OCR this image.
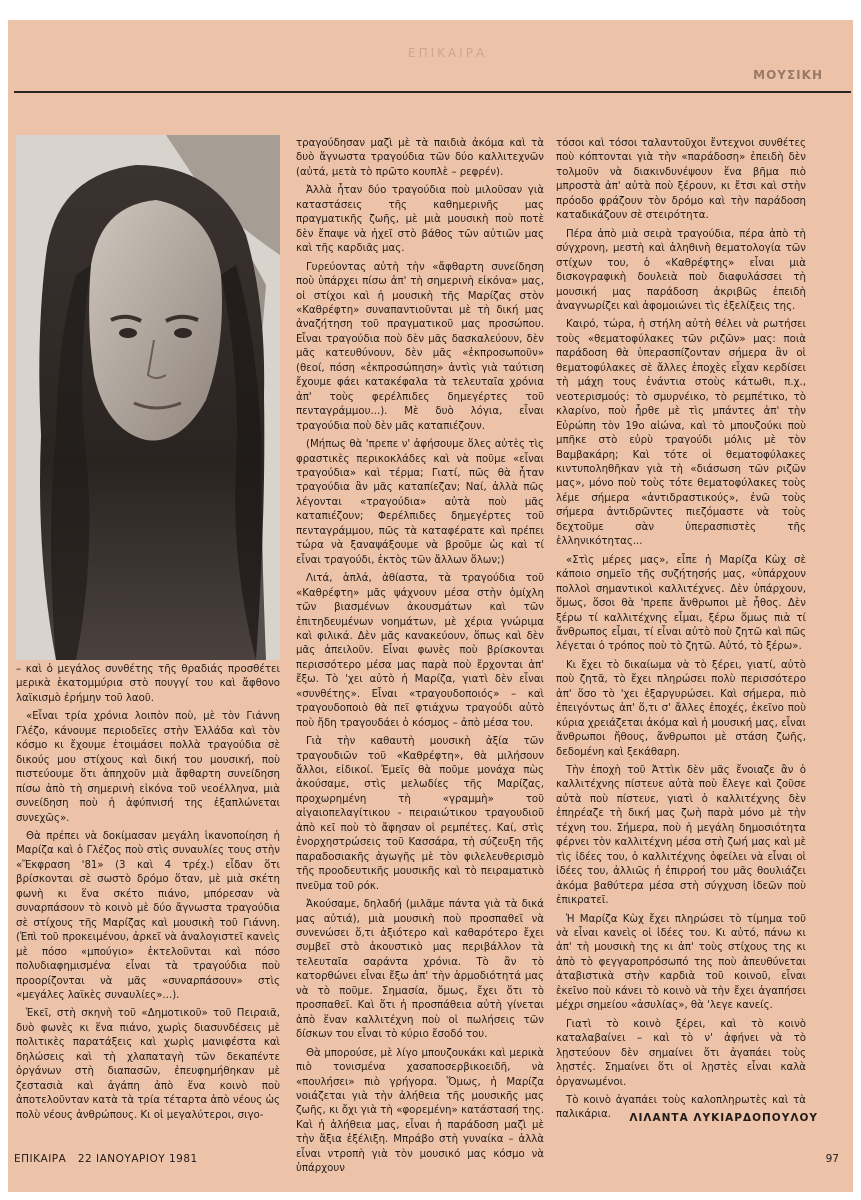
ΕΠΙΚΑΙΡΑ
ΜΟΥΣΙΚΗ

– καὶ ὁ μεγάλος συνθέτης τῆς θραδιάς προσθέτει μερικὰ ἑκατομμύρια στὸ πουγγί του καὶ ἄφθονο λαϊκισμὸ ἐρήμην τοῦ λαοῦ.

«Εἶναι τρία χρόνια λοιπὸν ποὺ, μὲ τὸν Γιάννη Γλέζο, κάνουμε περιοδεῖες στὴν Ἑλλάδα καὶ τὸν κόσμο κι ἔχουμε ἑτοιμάσει πολλὰ τραγούδια σὲ δικούς μου στίχους καὶ δική του μουσική, ποὺ πιστεύουμε ὅτι ἀπηχοῦν μιὰ ἄφθαρτη συνείδηση πίσω ἀπὸ τὴ σημερινὴ εἰκόνα τοῦ νεοέλληνα, μιὰ συνείδηση ποὺ ἡ ἀφύπνισή της ἐξαπλώνεται συνεχῶς».

Θὰ πρέπει νὰ δοκίμασαν μεγάλη ἱκανοποίηση ἡ Μαρίζα καὶ ὁ Γλέζος ποὺ στὶς συναυλίες τους στὴν «Ἔκφραση '81» (3 καὶ 4 τρέχ.) εἶδαν ὅτι βρίσκονται σὲ σωστὸ δρόμο ὅταν, μὲ μιὰ σκέτη φωνὴ κι ἕνα σκέτο πιάνο, μπόρεσαν νὰ συναρπάσουν τὸ κοινὸ μὲ δύο ἄγνωστα τραγούδια σὲ στίχους τῆς Μαρίζας καὶ μουσικὴ τοῦ Γιάννη. (Ἐπὶ τοῦ προκειμένου, ἀρκεῖ νὰ ἀναλογιστεῖ κανεὶς μὲ πόσο «μπούγιο» ἐκτελοῦνται καὶ πόσο πολυδιαφημισμένα εἶναι τὰ τραγούδια ποὺ προορίζονται νὰ μᾶς «συναρπάσουν» στὶς «μεγάλες λαϊκὲς συναυλίες»...).

Ἐκεῖ, στὴ σκηνὴ τοῦ «Δημοτικοῦ» τοῦ Πειραιᾶ, δυὸ φωνὲς κι ἕνα πιάνο, χωρὶς διασυνδέσεις μὲ πολιτικὲς παρατάξεις καὶ χωρὶς μανιφέστα καὶ δηλώσεις καὶ τὴ χλαπαταγὴ τῶν δεκαπέντε ὀργάνων στὴ διαπασῶν, ἐπευφημήθηκαν μὲ ζεστασιὰ καὶ ἀγάπη ἀπὸ ἕνα κοινὸ ποὺ ἀποτελοῦνταν κατὰ τὰ τρία τέταρτα ἀπὸ νέους ὡς πολὺ νέους ἀνθρώπους. Κι οἱ μεγαλύτεροι, σιγο-

τραγούδησαν μαζὶ μὲ τὰ παιδιὰ ἀκόμα καὶ τὰ δυὸ ἄγνωστα τραγούδια τῶν δύο καλλιτεχνῶν (αὐτά, μετὰ τὸ πρῶτο κουπλὲ – ρεφρέν).

Ἀλλὰ ἦταν δύο τραγούδια ποὺ μιλοῦσαν γιὰ καταστάσεις τῆς καθημερινῆς μας πραγματικῆς ζωῆς, μὲ μιὰ μουσικὴ ποὺ ποτὲ δὲν ἔπαψε νὰ ἠχεῖ στὸ βάθος τῶν αὐτιῶν μας καὶ τῆς καρδιᾶς μας.

Γυρεύοντας αὐτὴ τὴν «ἄφθαρτη συνείδηση ποὺ ὑπάρχει πίσω ἀπ' τὴ σημερινὴ εἰκόνα» μας, οἱ στίχοι καὶ ἡ μουσικὴ τῆς Μαρίζας στὸν «Καθρέφτη» συναπαντιοῦνται μὲ τὴ δική μας ἀναζήτηση τοῦ πραγματικοῦ μας προσώπου. Εἶναι τραγούδια ποὺ δὲν μᾶς δασκαλεύουν, δὲν μᾶς κατευθύνουν, δὲν μᾶς «ἐκπροσωποῦν» (θεοί, πόση «ἐκπροσώπηση» ἀντὶς γιὰ ταύτιση ἔχουμε φάει κατακέφαλα τὰ τελευταῖα χρόνια ἀπ' τοὺς φερέλπιδες δημεγέρτες τοῦ πενταγράμμου...). Μὲ δυὸ λόγια, εἶναι τραγούδια ποὺ δὲν μᾶς καταπιέζουν.

(Μήπως θὰ 'πρεπε ν' ἀφήσουμε ὅλες αὐτὲς τὶς φραστικὲς περικοκλάδες καὶ νὰ ποῦμε «εἶναι τραγούδια» καὶ τέρμα; Γιατί, πῶς θὰ ἦταν τραγούδια ἂν μᾶς καταπίεζαν; Ναί, ἀλλὰ πῶς λέγονται «τραγούδια» αὐτὰ ποὺ μᾶς καταπιέζουν; Φερέλπιδες δημεγέρτες τοῦ πενταγράμμου, πῶς τὰ καταφέρατε καὶ πρέπει τώρα νὰ ξαναψάξουμε νὰ βροῦμε ὡς καὶ τί εἶναι τραγούδι, ἐκτὸς τῶν ἄλλων ὅλων;)

Λιτά, ἁπλά, ἀθίαστα, τὰ τραγούδια τοῦ «Καθρέφτη» μᾶς ψάχνουν μέσα στὴν ὁμίχλη τῶν βιασμένων ἀκουσμάτων καὶ τῶν ἐπιτηδευμένων νοημάτων, μὲ χέρια γνώριμα καὶ φιλικά. Δὲν μᾶς κανακεύουν, ὅπως καὶ δὲν μᾶς ἀπειλοῦν. Εἶναι φωνὲς ποὺ βρίσκονται περισσότερο μέσα μας παρὰ ποὺ ἔρχονται ἀπ' ἔξω. Τὸ 'χει αὐτὸ ἡ Μαρίζα, γιατὶ δὲν εἶναι «συνθέτης». Εἶναι «τραγουδοποιός» – καὶ τραγουδοποιὸ θὰ πεῖ φτιάχνω τραγούδι αὐτὸ ποὺ ἤδη τραγουδάει ὁ κόσμος – ἀπὸ μέσα του.

Γιὰ τὴν καθαυτὴ μουσικὴ ἀξία τῶν τραγουδιῶν τοῦ «Καθρέφτη», θὰ μιλήσουν ἄλλοι, εἰδικοί. Ἐμεῖς θὰ ποῦμε μονάχα πὼς ἀκούσαμε, στὶς μελωδίες τῆς Μαρίζας, προχωρημένη τὴ «γραμμὴ» τοῦ αἰγαιοπελαγίτικου - πειραιώτικου τραγουδιοῦ ἀπὸ κεῖ ποὺ τὸ ἄφησαν οἱ ρεμπέτες. Καί, στὶς ἐνορχηστρώσεις τοῦ Κασσάρα, τὴ σύζευξη τῆς παραδοσιακῆς ἀγωγῆς μὲ τὸν φιλελευθερισμὸ τῆς προοδευτικῆς μουσικῆς καὶ τὸ πειραματικὸ πνεῦμα τοῦ ρόκ.

Ἀκούσαμε, δηλαδή (μιλᾶμε πάντα γιὰ τὰ δικά μας αὐτιά), μιὰ μουσικὴ ποὺ προσπαθεῖ νὰ συνενώσει ὅ,τι ἀξιότερο καὶ καθαρότερο ἔχει συμβεῖ στὸ ἀκουστικὸ μας περιβάλλον τὰ τελευταῖα σαράντα χρόνια. Τὸ ἂν τὸ κατορθώνει εἶναι ἔξω ἀπ' τὴν ἁρμοδιότητά μας νὰ τὸ ποῦμε. Σημασία, ὅμως, ἔχει ὅτι τὸ προσπαθεῖ. Καὶ ὅτι ἡ προσπάθεια αὐτὴ γίνεται ἀπὸ ἕναν καλλιτέχνη ποὺ οἱ πωλήσεις τῶν δίσκων του εἶναι τὸ κύριο ἔσοδό του.

Θὰ μπορούσε, μὲ λίγο μπουζουκάκι καὶ μερικὰ πιὸ τονισμένα χασαποσερβικοειδῆ, νὰ «πουλήσει» πιὸ γρήγορα. Ὅμως, ἡ Μαρίζα νοιάζεται γιὰ τὴν ἀλήθεια τῆς μουσικῆς μας ζωῆς, κι ὄχι γιὰ τὴ «φορεμένη» κατάστασή της. Καὶ ἡ ἀλήθεια μας, εἶναι ἡ παράδοση μαζὶ μὲ τὴν ἄξια ἐξέλιξη. Μπράβο στὴ γυναίκα – ἀλλὰ εἶναι ντροπὴ γιὰ τὸν μουσικό μας κόσμο νὰ ὑπάρχουν

τόσοι καὶ τόσοι ταλαντοῦχοι ἔντεχνοι συνθέτες ποὺ κόπτονται γιὰ τὴν «παράδοση» ἐπειδὴ δὲν τολμοῦν νὰ διακινδυνέψουν ἕνα βῆμα πιὸ μπροστὰ ἀπ' αὐτὰ ποὺ ξέρουν, κι ἔτσι καὶ στὴν πρόοδο φράζουν τὸν δρόμο καὶ τὴν παράδοση καταδικάζουν σὲ στειρότητα.

Πέρα ἀπὸ μιὰ σειρὰ τραγούδια, πέρα ἀπὸ τὴ σύγχρονη, μεστὴ καὶ ἀληθινὴ θεματολογία τῶν στίχων του, ὁ «Καθρέφτης» εἶναι μιὰ δισκογραφικὴ δουλειὰ ποὺ διαφυλάσσει τὴ μουσική μας παράδοση ἀκριβῶς ἐπειδὴ ἀναγνωρίζει καὶ ἀφομοιώνει τὶς ἐξελίξεις της.

Καιρό, τώρα, ἡ στήλη αὐτὴ θέλει νὰ ρωτήσει τοὺς «θεματοφύλακες τῶν ριζῶν» μας: ποιὰ παράδοση θὰ ὑπερασπίζονταν σήμερα ἂν οἱ θεματοφύλακες σὲ ἄλλες ἐποχὲς εἶχαν κερδίσει τὴ μάχη τους ἐνάντια στοὺς κάτωθι, π.χ., νεοτερισμούς: τὸ σμυρνέικο, τὸ ρεμπέτικο, τὸ κλαρίνο, ποὺ ἦρθε μὲ τὶς μπάντες ἀπ' τὴν Εὐρώπη τὸν 19ο αἰώνα, καὶ τὸ μπουζούκι ποὺ μπῆκε στὸ εὐρὺ τραγούδι μόλις μὲ τὸν Βαμβακάρη; Καὶ τότε οἱ θεματοφύλακες κιντυποληθῆκαν γιὰ τὴ «διάσωση τῶν ριζῶν μας», μόνο ποὺ τοὺς τότε θεματοφύλακες τοὺς λέμε σήμερα «ἀντιδραστικούς», ἐνῶ τοὺς σήμερα ἀντιδρῶντες πιεζόμαστε νὰ τοὺς δεχτοῦμε σὰν ὑπερασπιστὲς τῆς ἑλληνικότητας...

«Στὶς μέρες μας», εἶπε ἡ Μαρίζα Κὼχ σὲ κάποιο σημεῖο τῆς συζήτησής μας, «ὑπάρχουν πολλοὶ σημαντικοὶ καλλιτέχνες. Δὲν ὑπάρχουν, ὅμως, ὅσοι θὰ 'πρεπε ἄνθρωποι μὲ ἦθος. Δὲν ξέρω τί καλλιτέχνης εἶμαι, ξέρω ὅμως πιὰ τί ἄνθρωπος εἶμαι, τί εἶναι αὐτὸ ποὺ ζητῶ καὶ πῶς λέγεται ὁ τρόπος ποὺ τὸ ζητῶ. Αὐτό, τὸ ξέρω».

Κι ἔχει τὸ δικαίωμα νὰ τὸ ξέρει, γιατί, αὐτὸ ποὺ ζητᾶ, τὸ ἔχει πληρώσει πολὺ περισσότερο ἀπ' ὅσο τὸ 'χει ἐξαργυρώσει. Καὶ σήμερα, πιὸ ἐπειγόντως ἀπ' ὅ,τι σ' ἄλλες ἐποχές, ἐκεῖνο ποὺ κύρια χρειάζεται ἀκόμα καὶ ἡ μουσική μας, εἶναι ἄνθρωποι ἤθους, ἄνθρωποι μὲ στάση ζωῆς, δεδομένη καὶ ξεκάθαρη.

Τὴν ἐποχὴ τοῦ Ἀττὶκ δὲν μᾶς ἔνοιαζε ἂν ὁ καλλιτέχνης πίστευε αὐτὰ ποὺ ἔλεγε καὶ ζοῦσε αὐτὰ ποὺ πίστευε, γιατὶ ὁ καλλιτέχνης δὲν ἐπηρέαζε τὴ δική μας ζωὴ παρὰ μόνο μὲ τὴν τέχνη του. Σήμερα, ποὺ ἡ μεγάλη δημοσιότητα φέρνει τὸν καλλιτέχνη μέσα στὴ ζωή μας καὶ μὲ τὶς ἰδέες του, ὁ καλλιτέχνης ὀφείλει νὰ εἶναι οἱ ἰδέες του, ἀλλιῶς ἡ ἐπιρροή του μᾶς θουλιάζει ἀκόμα βαθύτερα μέσα στὴ σύγχυση ἰδεῶν ποὺ ἐπικρατεῖ.

Ἡ Μαρίζα Κὼχ ἔχει πληρώσει τὸ τίμημα τοῦ νὰ εἶναι κανεὶς οἱ ἰδέες του. Κι αὐτό, πάνω κι ἀπ' τὴ μουσικὴ της κι ἀπ' τοὺς στίχους της κι ἀπὸ τὸ φεγγαροπρόσωπό της ποὺ ἀπευθύνεται ἀταβιστικὰ στὴν καρδιὰ τοῦ κοινοῦ, εἶναι ἐκεῖνο ποὺ κάνει τὸ κοινὸ νὰ τὴν ἔχει ἀγαπήσει μέχρι σημείου «ἀσυλίας», θὰ 'λεγε κανείς.

Γιατὶ τὸ κοινὸ ξέρει, καὶ τὸ κοινὸ καταλαβαίνει – καὶ τὸ ν' ἀφήνει νὰ τὸ λῃστεύουν δὲν σημαίνει ὅτι ἀγαπάει τοὺς λῃστές. Σημαίνει ὅτι οἱ λῃστὲς εἶναι καλὰ ὀργανωμένοι.

Τὸ κοινὸ ἀγαπάει τοὺς καλοπληρωτὲς καὶ τὰ παλικάρια.	ΛΙΛΑΝΤΑ ΛΥΚΙΑΡΔΟΠΟΥΛΟΥ
ΕΠΙΚΑΙΡΑ   22 ΙΑΝΟΥΑΡΙΟΥ 1981	97
